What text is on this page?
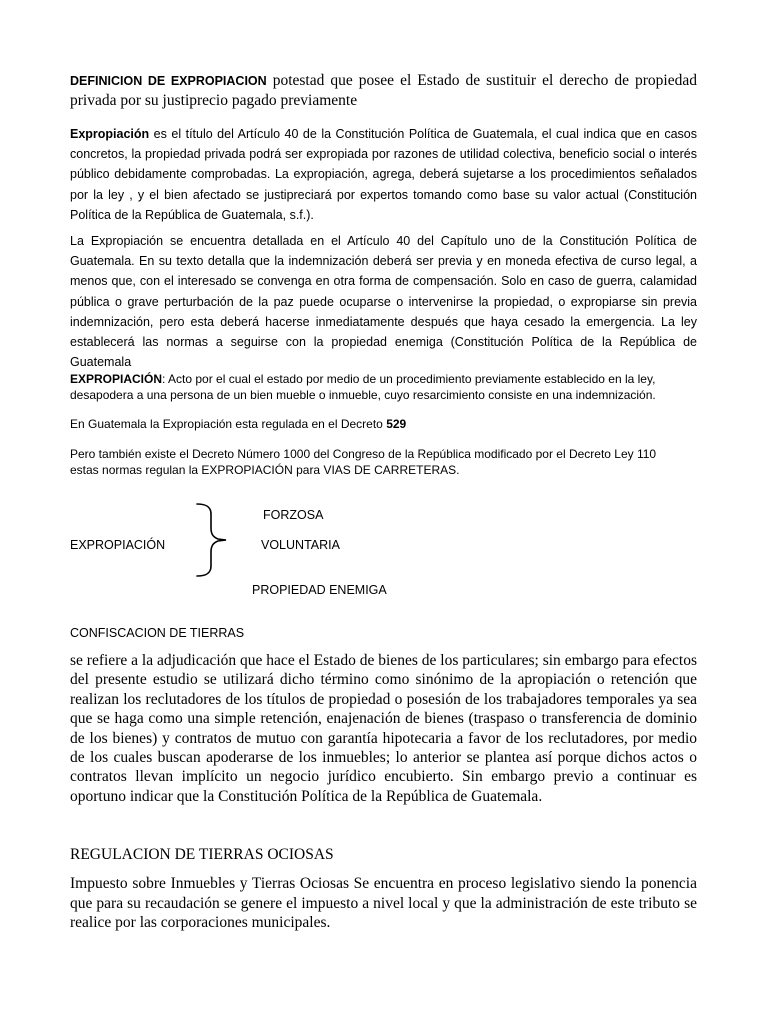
DEFINICION DE EXPROPIACION potestad que posee el Estado de sustituir el derecho de propiedad privada por su justiprecio pagado previamente

Expropiación es el título del Artículo 40 de la Constitución Política de Guatemala, el cual indica que en casos concretos, la propiedad privada podrá ser expropiada por razones de utilidad colectiva, beneficio social o interés público debidamente comprobadas. La expropiación, agrega, deberá sujetarse a los procedimientos señalados por la ley , y el bien afectado se justipreciará por expertos tomando como base su valor actual (Constitución Política de la República de Guatemala, s.f.).

La Expropiación se encuentra detallada en el Artículo 40 del Capítulo uno de la Constitución Política de Guatemala. En su texto detalla que la indemnización deberá ser previa y en moneda efectiva de curso legal, a menos que, con el interesado se convenga en otra forma de compensación. Solo en caso de guerra, calamidad pública o grave perturbación de la paz puede ocuparse o intervenirse la propiedad, o expropiarse sin previa indemnización, pero esta deberá hacerse inmediatamente después que haya cesado la emergencia. La ley establecerá las normas a seguirse con la propiedad enemiga (Constitución Política de la República de Guatemala

EXPROPIACIÓN: Acto por el cual el estado por medio de un procedimiento previamente establecido en la ley, desapodera a una persona de un bien mueble o inmueble, cuyo resarcimiento consiste en una indemnización.

En Guatemala la Expropiación esta regulada en el Decreto 529

Pero también existe el Decreto Número 1000 del Congreso de la República modificado por el Decreto Ley 110
estas normas regulan la EXPROPIACIÓN para VIAS DE CARRETERAS.

EXPROPIACIÓN
FORZOSA
VOLUNTARIA
PROPIEDAD ENEMIGA

CONFISCACION DE TIERRAS

se refiere a la adjudicación que hace el Estado de bienes de los particulares; sin embargo para efectos del presente estudio se utilizará dicho término como sinónimo de la apropiación o retención que realizan los reclutadores de los títulos de propiedad o posesión de los trabajadores temporales ya sea que se haga como una simple retención, enajenación de bienes (traspaso o transferencia de dominio de los bienes) y contratos de mutuo con garantía hipotecaria a favor de los reclutadores, por medio de los cuales buscan apoderarse de los inmuebles; lo anterior se plantea así porque dichos actos o contratos llevan implícito un negocio jurídico encubierto. Sin embargo previo a continuar es oportuno indicar que la Constitución Política de la República de Guatemala.

REGULACION DE TIERRAS OCIOSAS

Impuesto sobre Inmuebles y Tierras Ociosas Se encuentra en proceso legislativo siendo la ponencia que para su recaudación se genere el impuesto a nivel local y que la administración de este tributo se realice por las corporaciones municipales.
